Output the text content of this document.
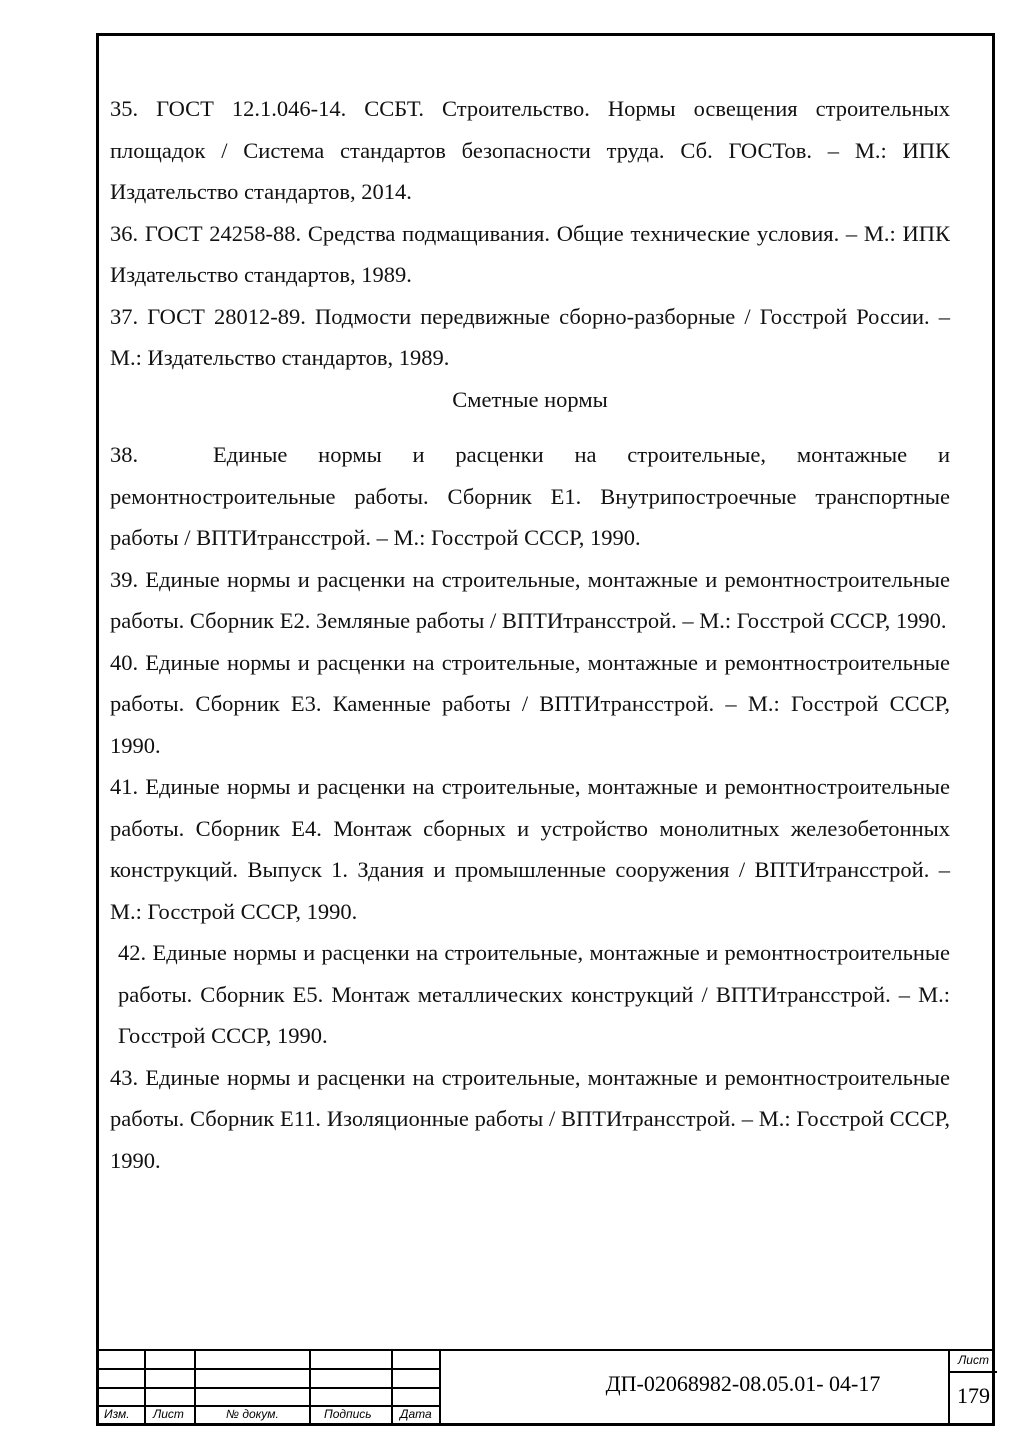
35. ГОСТ 12.1.046-14. ССБТ. Строительство. Нормы освещения строительных площадок / Система стандартов безопасности труда. Сб. ГОСТов. – М.: ИПК Издательство стандартов, 2014.

36. ГОСТ 24258-88. Средства подмащивания. Общие технические условия. – М.: ИПК Издательство стандартов, 1989.

37. ГОСТ 28012-89. Подмости передвижные сборно-разборные / Госстрой России. – М.: Издательство стандартов, 1989.

Сметные нормы

38.	Единые нормы и расценки на строительные, монтажные и ремонтностроительные работы. Сборник Е1. Внутрипостроечные транспортные работы / ВПТИтрансстрой. – М.: Госстрой СССР, 1990.

39. Единые нормы и расценки на строительные, монтажные и ремонтностроительные работы. Сборник Е2. Земляные работы / ВПТИтрансстрой. – М.: Госстрой СССР, 1990.

40. Единые нормы и расценки на строительные, монтажные и ремонтностроительные работы. Сборник Е3. Каменные работы / ВПТИтрансстрой. – М.: Госстрой СССР, 1990.

41. Единые нормы и расценки на строительные, монтажные и ремонтностроительные работы. Сборник Е4. Монтаж сборных и устройство монолитных железобетонных конструкций. Выпуск 1. Здания и промышленные сооружения / ВПТИтрансстрой. – М.: Госстрой СССР, 1990.

42. Единые нормы и расценки на строительные, монтажные и ремонтностроительные работы. Сборник Е5. Монтаж металлических конструкций / ВПТИтрансстрой. – М.: Госстрой СССР, 1990.

43. Единые нормы и расценки на строительные, монтажные и ремонтностроительные работы. Сборник Е11. Изоляционные работы / ВПТИтрансстрой. – М.: Госстрой СССР, 1990.

Изм. Лист	№ докум.	Подпись Дата
ДП-02068982-08.05.01- 04-17
Лист
179
